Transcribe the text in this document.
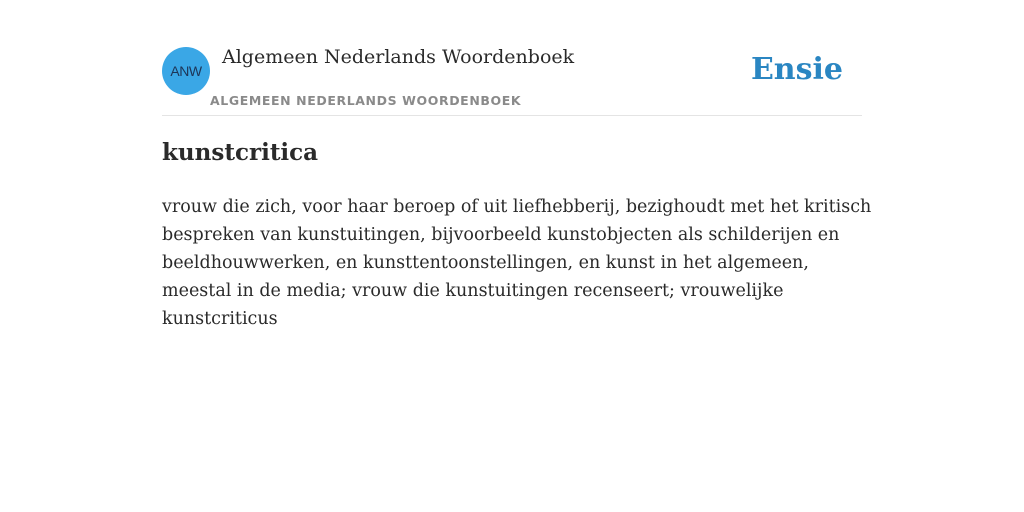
ANW
Algemeen Nederlands Woordenboek
ALGEMEEN NEDERLANDS WOORDENBOEK
Ensie
kunstcritica

vrouw die zich, voor haar beroep of uit liefhebberij, bezighoudt met het kritisch bespreken van kunstuitingen, bijvoorbeeld kunstobjecten als schilderijen en beeldhouwwerken, en kunsttentoonstellingen, en kunst in het algemeen, meestal in de media; vrouw die kunstuitingen recenseert; vrouwelijke kunstcriticus
